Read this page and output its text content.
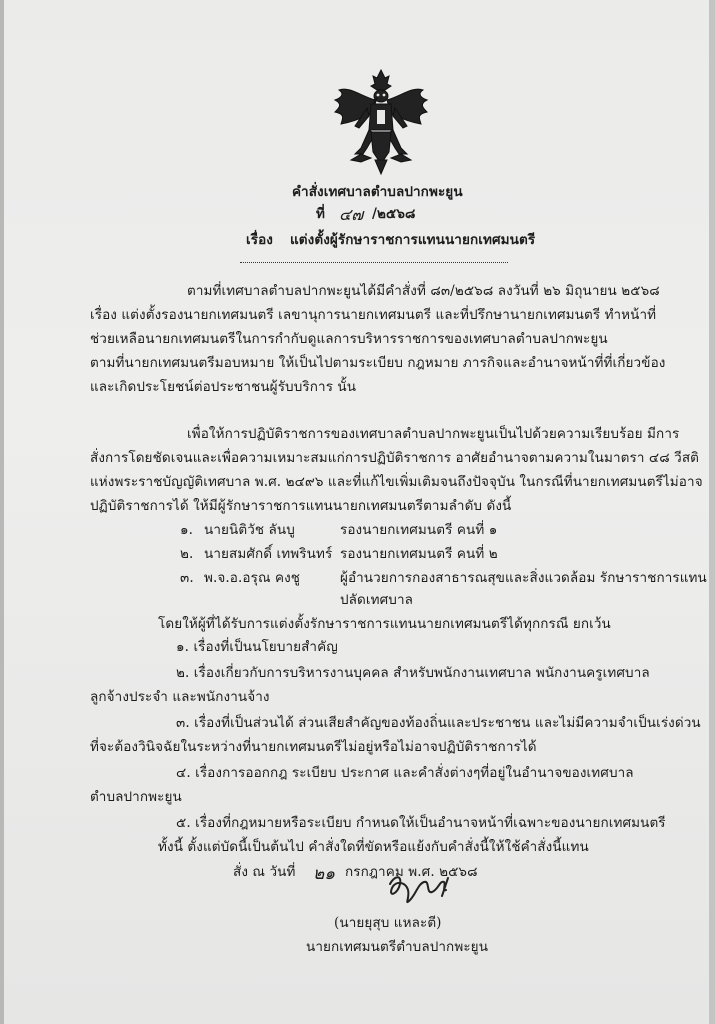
คำสั่งเทศบาลตำบลปากพะยูน
ที่ ๔๗ /๒๕๖๘
เรื่อง แต่งตั้งผู้รักษาราชการแทนนายกเทศมนตรี
ตามที่เทศบาลตำบลปากพะยูนได้มีคำสั่งที่ ๘๓/๒๕๖๘ ลงวันที่ ๒๖ มิถุนายน ๒๕๖๘
เรื่อง แต่งตั้งรองนายกเทศมนตรี เลขานุการนายกเทศมนตรี และที่ปรึกษานายกเทศมนตรี ทำหน้าที่
ช่วยเหลือนายกเทศมนตรีในการกำกับดูแลการบริหารราชการของเทศบาลตำบลปากพะยูน
ตามที่นายกเทศมนตรีมอบหมาย ให้เป็นไปตามระเบียบ กฎหมาย ภารกิจและอำนาจหน้าที่ที่เกี่ยวข้อง
และเกิดประโยชน์ต่อประชาชนผู้รับบริการ นั้น
เพื่อให้การปฏิบัติราชการของเทศบาลตำบลปากพะยูนเป็นไปด้วยความเรียบร้อย มีการ
สั่งการโดยชัดเจนและเพื่อความเหมาะสมแก่การปฏิบัติราชการ อาศัยอำนาจตามความในมาตรา ๔๘ วีสติ
แห่งพระราชบัญญัติเทศบาล พ.ศ. ๒๔๙๖ และที่แก้ไขเพิ่มเติมจนถึงปัจจุบัน ในกรณีที่นายกเทศมนตรีไม่อาจ
ปฏิบัติราชการได้ ให้มีผู้รักษาราชการแทนนายกเทศมนตรีตามลำดับ ดังนี้
๑. นายนิติวัช ลันบู	รองนายกเทศมนตรี คนที่ ๑
๒. นายสมศักดิ์ เทพรินทร์ รองนายกเทศมนตรี คนที่ ๒
๓. พ.จ.อ.อรุณ คงชู	ผู้อำนวยการกองสาธารณสุขและสิ่งแวดล้อม รักษาราชการแทน
ปลัดเทศบาล
โดยให้ผู้ที่ได้รับการแต่งตั้งรักษาราชการแทนนายกเทศมนตรีได้ทุกกรณี ยกเว้น
๑. เรื่องที่เป็นนโยบายสำคัญ
๒. เรื่องเกี่ยวกับการบริหารงานบุคคล สำหรับพนักงานเทศบาล พนักงานครูเทศบาล
ลูกจ้างประจำ และพนักงานจ้าง
๓. เรื่องที่เป็นส่วนได้ ส่วนเสียสำคัญของท้องถิ่นและประชาชน และไม่มีความจำเป็นเร่งด่วน
ที่จะต้องวินิจฉัยในระหว่างที่นายกเทศมนตรีไม่อยู่หรือไม่อาจปฏิบัติราชการได้
๔. เรื่องการออกกฎ ระเบียบ ประกาศ และคำสั่งต่างๆที่อยู่ในอำนาจของเทศบาล
ตำบลปากพะยูน
๕. เรื่องที่กฎหมายหรือระเบียบ กำหนดให้เป็นอำนาจหน้าที่เฉพาะของนายกเทศมนตรี
ทั้งนี้ ตั้งแต่บัดนี้เป็นต้นไป คำสั่งใดที่ขัดหรือแย้งกับคำสั่งนี้ให้ใช้คำสั่งนี้แทน
สั่ง ณ วันที่ ๒๑ กรกฎาคม พ.ศ. ๒๕๖๘
(นายยุสุบ แหละตี)
นายกเทศมนตรีตำบลปากพะยูน
